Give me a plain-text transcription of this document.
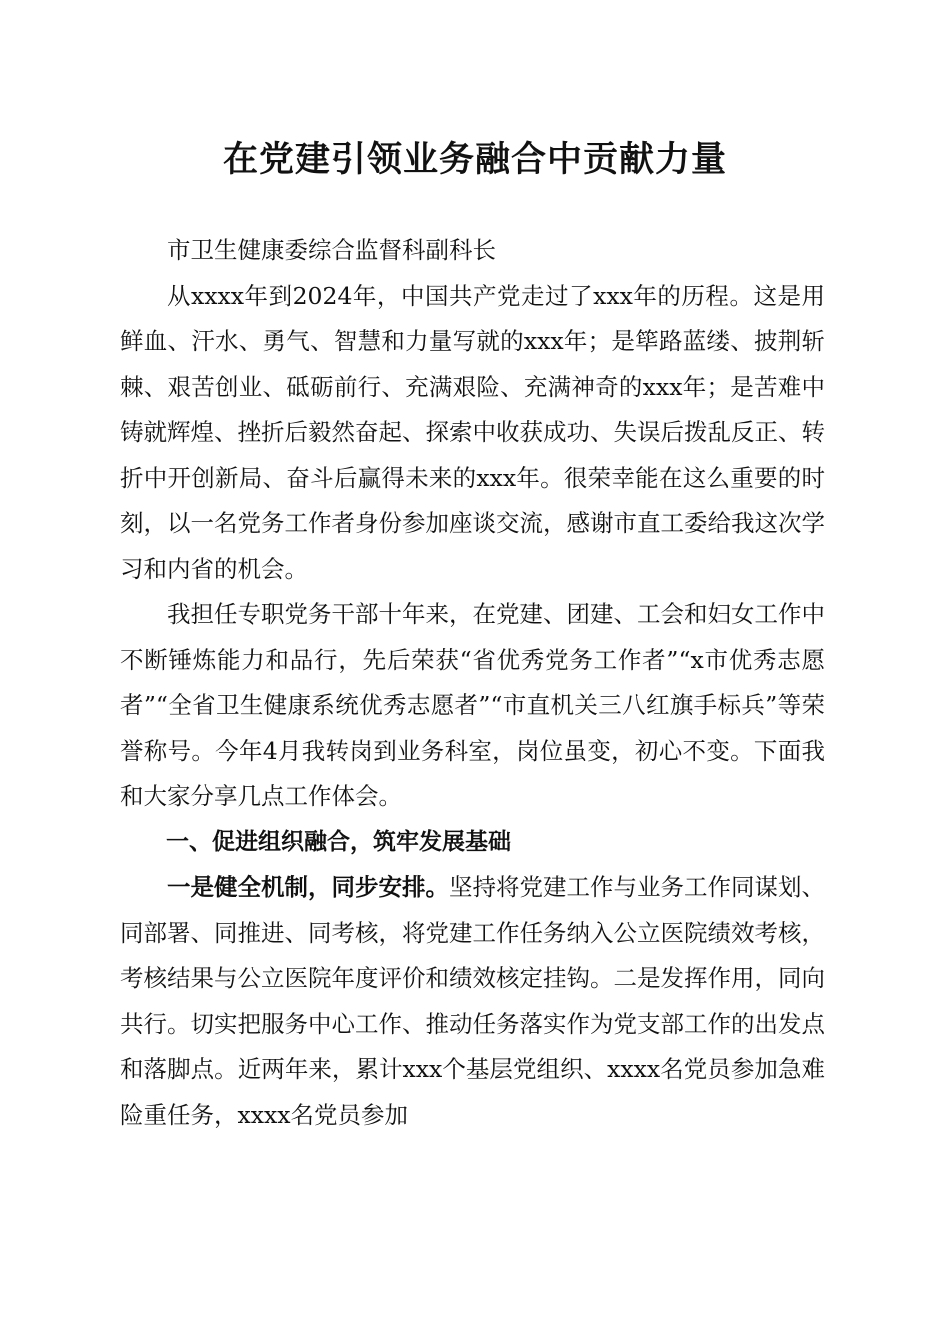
在党建引领业务融合中贡献力量

市卫生健康委综合监督科副科长

从xxxx年到2024年，中国共产党走过了xxx年的历程。这是用鲜血、汗水、勇气、智慧和力量写就的xxx年；是筚路蓝缕、披荆斩棘、艰苦创业、砥砺前行、充满艰险、充满神奇的xxx年；是苦难中铸就辉煌、挫折后毅然奋起、探索中收获成功、失误后拨乱反正、转折中开创新局、奋斗后赢得未来的xxx年。很荣幸能在这么重要的时刻，以一名党务工作者身份参加座谈交流，感谢市直工委给我这次学习和内省的机会。

我担任专职党务干部十年来，在党建、团建、工会和妇女工作中不断锤炼能力和品行，先后荣获“省优秀党务工作者”“x市优秀志愿者”“全省卫生健康系统优秀志愿者”“市直机关三八红旗手标兵”等荣誉称号。今年4月我转岗到业务科室，岗位虽变，初心不变。下面我和大家分享几点工作体会。

一、促进组织融合，筑牢发展基础

一是健全机制，同步安排。坚持将党建工作与业务工作同谋划、同部署、同推进、同考核，将党建工作任务纳入公立医院绩效考核，考核结果与公立医院年度评价和绩效核定挂钩。二是发挥作用，同向共行。切实把服务中心工作、推动任务落实作为党支部工作的出发点和落脚点。近两年来，累计xxx个基层党组织、xxxx名党员参加急难险重任务，xxxx名党员参加
